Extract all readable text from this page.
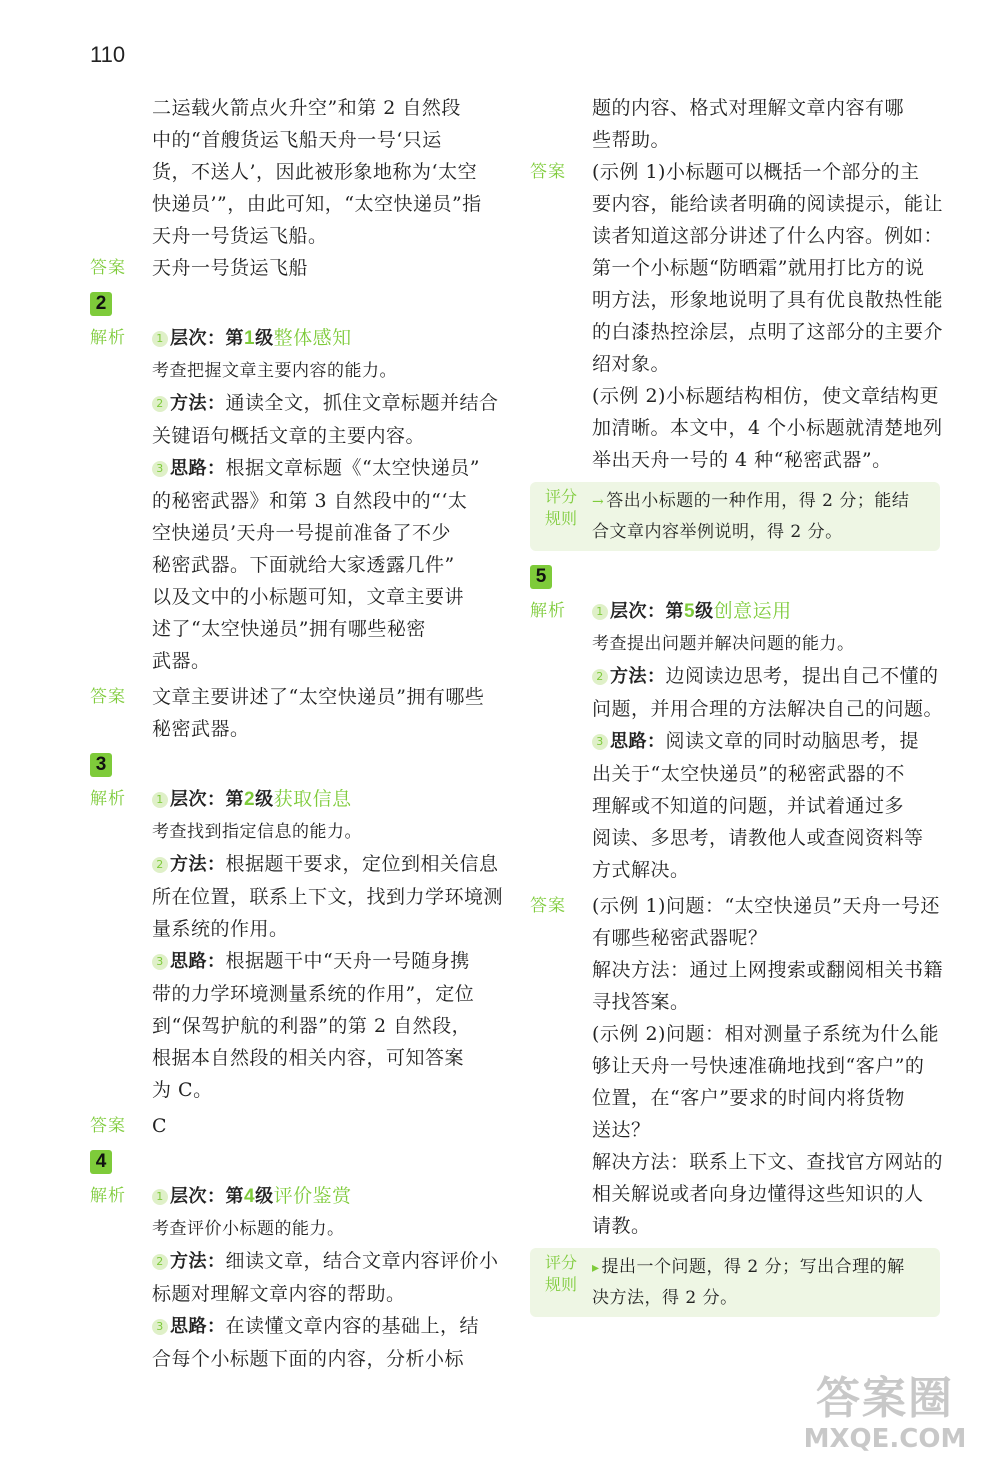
110
二运载火箭点火升空”和第 2 自然段
中的“首艘货运飞船天舟一号‘只运
货，不送人’，因此被形象地称为‘太空
快递员’”，由此可知，“太空快递员”指
天舟一号货运飞船。
答案	天舟一号货运飞船
2
解析	1 层次：第1级整体感知
考查把握文章主要内容的能力。
2 方法：通读全文，抓住文章标题并结合
关键语句概括文章的主要内容。
3 思路：根据文章标题《“太空快递员”
的秘密武器》和第 3 自然段中的“‘太
空快递员’天舟一号提前准备了不少
秘密武器。下面就给大家透露几件”
以及文中的小标题可知，文章主要讲
述了“太空快递员”拥有哪些秘密
武器。
答案	文章主要讲述了“太空快递员”拥有哪些
秘密武器。
3
解析	1 层次：第2级获取信息
考查找到指定信息的能力。
2 方法：根据题干要求，定位到相关信息
所在位置，联系上下文，找到力学环境测
量系统的作用。
3 思路：根据题干中“天舟一号随身携
带的力学环境测量系统的作用”，定位
到“保驾护航的利器”的第 2 自然段，
根据本自然段的相关内容，可知答案
为 C。
答案	C
4
解析	1 层次：第4级评价鉴赏
考查评价小标题的能力。
2 方法：细读文章，结合文章内容评价小
标题对理解文章内容的帮助。
3 思路：在读懂文章内容的基础上，结
合每个小标题下面的内容，分析小标
题的内容、格式对理解文章内容有哪
些帮助。
答案	(示例 1)小标题可以概括一个部分的主
要内容，能给读者明确的阅读提示，能让
读者知道这部分讲述了什么内容。例如：
第一个小标题“防晒霜”就用打比方的说
明方法，形象地说明了具有优良散热性能
的白漆热控涂层，点明了这部分的主要介
绍对象。
(示例 2)小标题结构相仿，使文章结构更
加清晰。本文中，4 个小标题就清楚地列
举出天舟一号的 4 种“秘密武器”。
评分
规则
→ 答出小标题的一种作用，得 2 分；能结
合文章内容举例说明，得 2 分。
5
解析	1 层次：第5级创意运用
考查提出问题并解决问题的能力。
2 方法：边阅读边思考，提出自己不懂的
问题，并用合理的方法解决自己的问题。
3 思路：阅读文章的同时动脑思考，提
出关于“太空快递员”的秘密武器的不
理解或不知道的问题，并试着通过多
阅读、多思考，请教他人或查阅资料等
方式解决。
答案	(示例 1)问题：“太空快递员”天舟一号还
有哪些秘密武器呢？
解决方法：通过上网搜索或翻阅相关书籍
寻找答案。
(示例 2)问题：相对测量子系统为什么能
够让天舟一号快速准确地找到“客户”的
位置，在“客户”要求的时间内将货物
送达？
解决方法：联系上下文、查找官方网站的
相关解说或者向身边懂得这些知识的人
请教。
评分
规则
▸ 提出一个问题，得 2 分；写出合理的解
决方法，得 2 分。
答案圈
MXQE.COM
